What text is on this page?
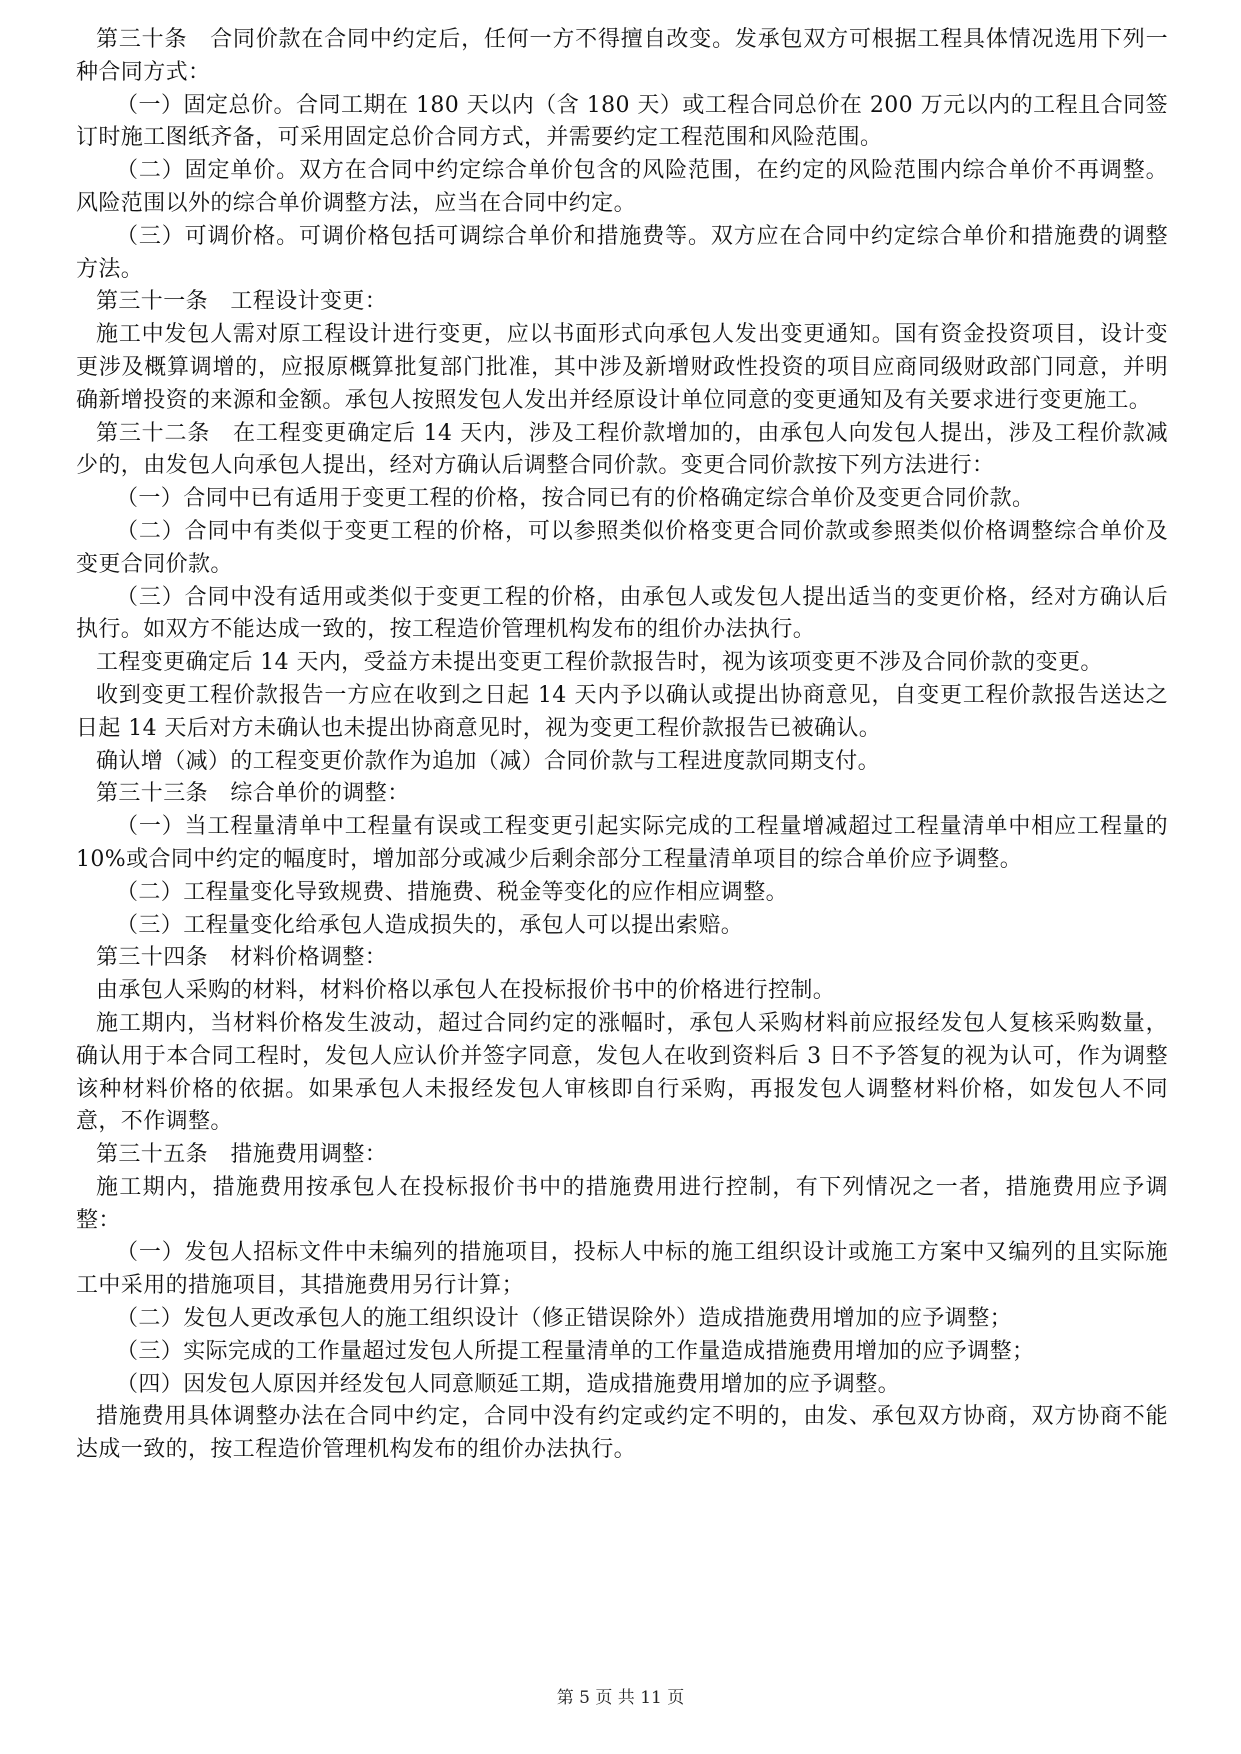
第三十条　合同价款在合同中约定后，任何一方不得擅自改变。发承包双方可根据工程具体情况选用下列一种合同方式：

（一）固定总价。合同工期在 180 天以内（含 180 天）或工程合同总价在 200 万元以内的工程且合同签订时施工图纸齐备，可采用固定总价合同方式，并需要约定工程范围和风险范围。

（二）固定单价。双方在合同中约定综合单价包含的风险范围，在约定的风险范围内综合单价不再调整。风险范围以外的综合单价调整方法，应当在合同中约定。

（三）可调价格。可调价格包括可调综合单价和措施费等。双方应在合同中约定综合单价和措施费的调整方法。

第三十一条　工程设计变更：

施工中发包人需对原工程设计进行变更，应以书面形式向承包人发出变更通知。国有资金投资项目，设计变更涉及概算调增的，应报原概算批复部门批准，其中涉及新增财政性投资的项目应商同级财政部门同意，并明确新增投资的来源和金额。承包人按照发包人发出并经原设计单位同意的变更通知及有关要求进行变更施工。

第三十二条　在工程变更确定后 14 天内，涉及工程价款增加的，由承包人向发包人提出，涉及工程价款减少的，由发包人向承包人提出，经对方确认后调整合同价款。变更合同价款按下列方法进行：

（一）合同中已有适用于变更工程的价格，按合同已有的价格确定综合单价及变更合同价款。

（二）合同中有类似于变更工程的价格，可以参照类似价格变更合同价款或参照类似价格调整综合单价及变更合同价款。

（三）合同中没有适用或类似于变更工程的价格，由承包人或发包人提出适当的变更价格，经对方确认后执行。如双方不能达成一致的，按工程造价管理机构发布的组价办法执行。

工程变更确定后 14 天内，受益方未提出变更工程价款报告时，视为该项变更不涉及合同价款的变更。

收到变更工程价款报告一方应在收到之日起 14 天内予以确认或提出协商意见，自变更工程价款报告送达之日起 14 天后对方未确认也未提出协商意见时，视为变更工程价款报告已被确认。

确认增（减）的工程变更价款作为追加（减）合同价款与工程进度款同期支付。

第三十三条　综合单价的调整：

（一）当工程量清单中工程量有误或工程变更引起实际完成的工程量增减超过工程量清单中相应工程量的 10%或合同中约定的幅度时，增加部分或减少后剩余部分工程量清单项目的综合单价应予调整。

（二）工程量变化导致规费、措施费、税金等变化的应作相应调整。

（三）工程量变化给承包人造成损失的，承包人可以提出索赔。

第三十四条　材料价格调整：

由承包人采购的材料，材料价格以承包人在投标报价书中的价格进行控制。

施工期内，当材料价格发生波动，超过合同约定的涨幅时，承包人采购材料前应报经发包人复核采购数量，确认用于本合同工程时，发包人应认价并签字同意，发包人在收到资料后 3 日不予答复的视为认可，作为调整该种材料价格的依据。如果承包人未报经发包人审核即自行采购，再报发包人调整材料价格，如发包人不同意，不作调整。

第三十五条　措施费用调整：

施工期内，措施费用按承包人在投标报价书中的措施费用进行控制，有下列情况之一者，措施费用应予调整：

（一）发包人招标文件中未编列的措施项目，投标人中标的施工组织设计或施工方案中又编列的且实际施工中采用的措施项目，其措施费用另行计算；

（二）发包人更改承包人的施工组织设计（修正错误除外）造成措施费用增加的应予调整；

（三）实际完成的工作量超过发包人所提工程量清单的工作量造成措施费用增加的应予调整；

（四）因发包人原因并经发包人同意顺延工期，造成措施费用增加的应予调整。

措施费用具体调整办法在合同中约定，合同中没有约定或约定不明的，由发、承包双方协商，双方协商不能达成一致的，按工程造价管理机构发布的组价办法执行。

第 5 页 共 11 页
